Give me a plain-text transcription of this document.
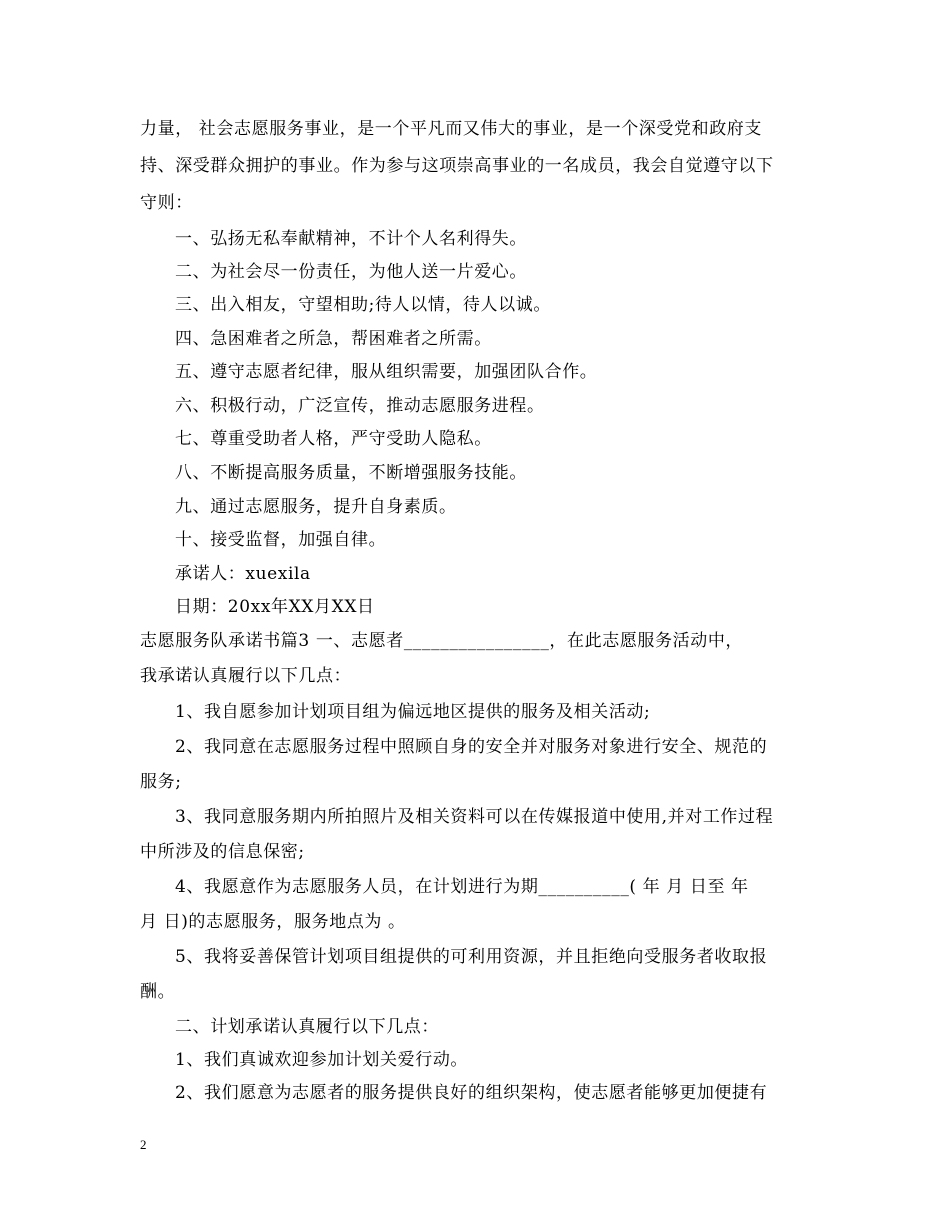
力量， 社会志愿服务事业，是一个平凡而又伟大的事业，是一个深受党和政府支
持、深受群众拥护的事业。作为参与这项崇高事业的一名成员，我会自觉遵守以下
守则：
一、弘扬无私奉献精神，不计个人名利得失。
二、为社会尽一份责任，为他人送一片爱心。
三、出入相友，守望相助;待人以情，待人以诚。
四、急困难者之所急，帮困难者之所需。
五、遵守志愿者纪律，服从组织需要，加强团队合作。
六、积极行动，广泛宣传，推动志愿服务进程。
七、尊重受助者人格，严守受助人隐私。
八、不断提高服务质量，不断增强服务技能。
九、通过志愿服务，提升自身素质。
十、接受监督，加强自律。
承诺人：xuexila
日期：20xx年XX月XX日
志愿服务队承诺书篇3 一、志愿者________________，在此志愿服务活动中，
我承诺认真履行以下几点：
1、我自愿参加计划项目组为偏远地区提供的服务及相关活动;
2、我同意在志愿服务过程中照顾自身的安全并对服务对象进行安全、规范的
服务;
3、我同意服务期内所拍照片及相关资料可以在传媒报道中使用,并对工作过程
中所涉及的信息保密;
4、我愿意作为志愿服务人员，在计划进行为期__________( 年 月 日至 年
月 日)的志愿服务，服务地点为 。
5、我将妥善保管计划项目组提供的可利用资源，并且拒绝向受服务者收取报
酬。
二、计划承诺认真履行以下几点：
1、我们真诚欢迎参加计划关爱行动。
2、我们愿意为志愿者的服务提供良好的组织架构，使志愿者能够更加便捷有
2
